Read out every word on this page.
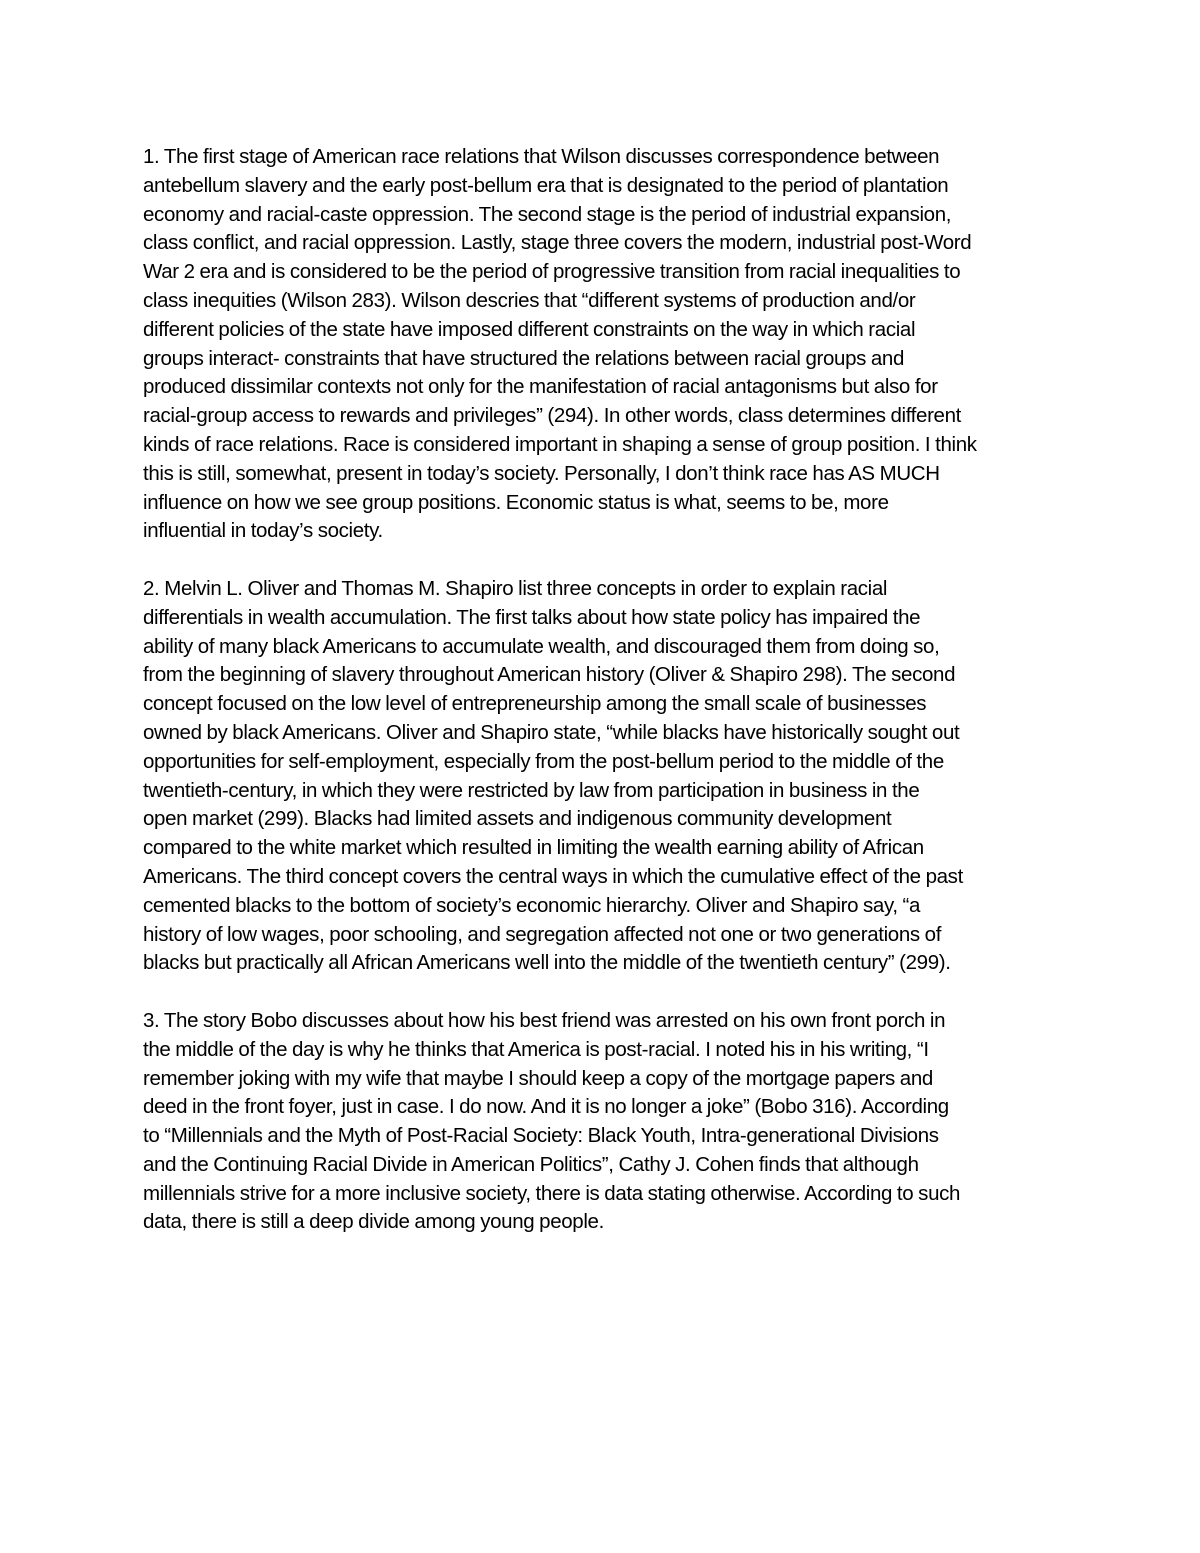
1. The first stage of American race relations that Wilson discusses correspondence between
antebellum slavery and the early post-bellum era that is designated to the period of plantation
economy and racial-caste oppression. The second stage is the period of industrial expansion,
class conflict, and racial oppression. Lastly, stage three covers the modern, industrial post-Word
War 2 era and is considered to be the period of progressive transition from racial inequalities to
class inequities (Wilson 283). Wilson descries that “different systems of production and/or
different policies of the state have imposed different constraints on the way in which racial
groups interact- constraints that have structured the relations between racial groups and
produced dissimilar contexts not only for the manifestation of racial antagonisms but also for
racial-group access to rewards and privileges” (294). In other words, class determines different
kinds of race relations. Race is considered important in shaping a sense of group position. I think
this is still, somewhat, present in today’s society. Personally, I don’t think race has AS MUCH
influence on how we see group positions. Economic status is what, seems to be, more
influential in today’s society.

2. Melvin L. Oliver and Thomas M. Shapiro list three concepts in order to explain racial
differentials in wealth accumulation. The first talks about how state policy has impaired the
ability of many black Americans to accumulate wealth, and discouraged them from doing so,
from the beginning of slavery throughout American history (Oliver & Shapiro 298). The second
concept focused on the low level of entrepreneurship among the small scale of businesses
owned by black Americans. Oliver and Shapiro state, “while blacks have historically sought out
opportunities for self-employment, especially from the post-bellum period to the middle of the
twentieth-century, in which they were restricted by law from participation in business in the
open market (299). Blacks had limited assets and indigenous community development
compared to the white market which resulted in limiting the wealth earning ability of African
Americans. The third concept covers the central ways in which the cumulative effect of the past
cemented blacks to the bottom of society’s economic hierarchy. Oliver and Shapiro say, “a
history of low wages, poor schooling, and segregation affected not one or two generations of
blacks but practically all African Americans well into the middle of the twentieth century” (299).

3. The story Bobo discusses about how his best friend was arrested on his own front porch in
the middle of the day is why he thinks that America is post-racial. I noted his in his writing, “I
remember joking with my wife that maybe I should keep a copy of the mortgage papers and
deed in the front foyer, just in case. I do now. And it is no longer a joke” (Bobo 316). According
to “Millennials and the Myth of Post-Racial Society: Black Youth, Intra-generational Divisions
and the Continuing Racial Divide in American Politics”, Cathy J. Cohen finds that although
millennials strive for a more inclusive society, there is data stating otherwise. According to such
data, there is still a deep divide among young people.
